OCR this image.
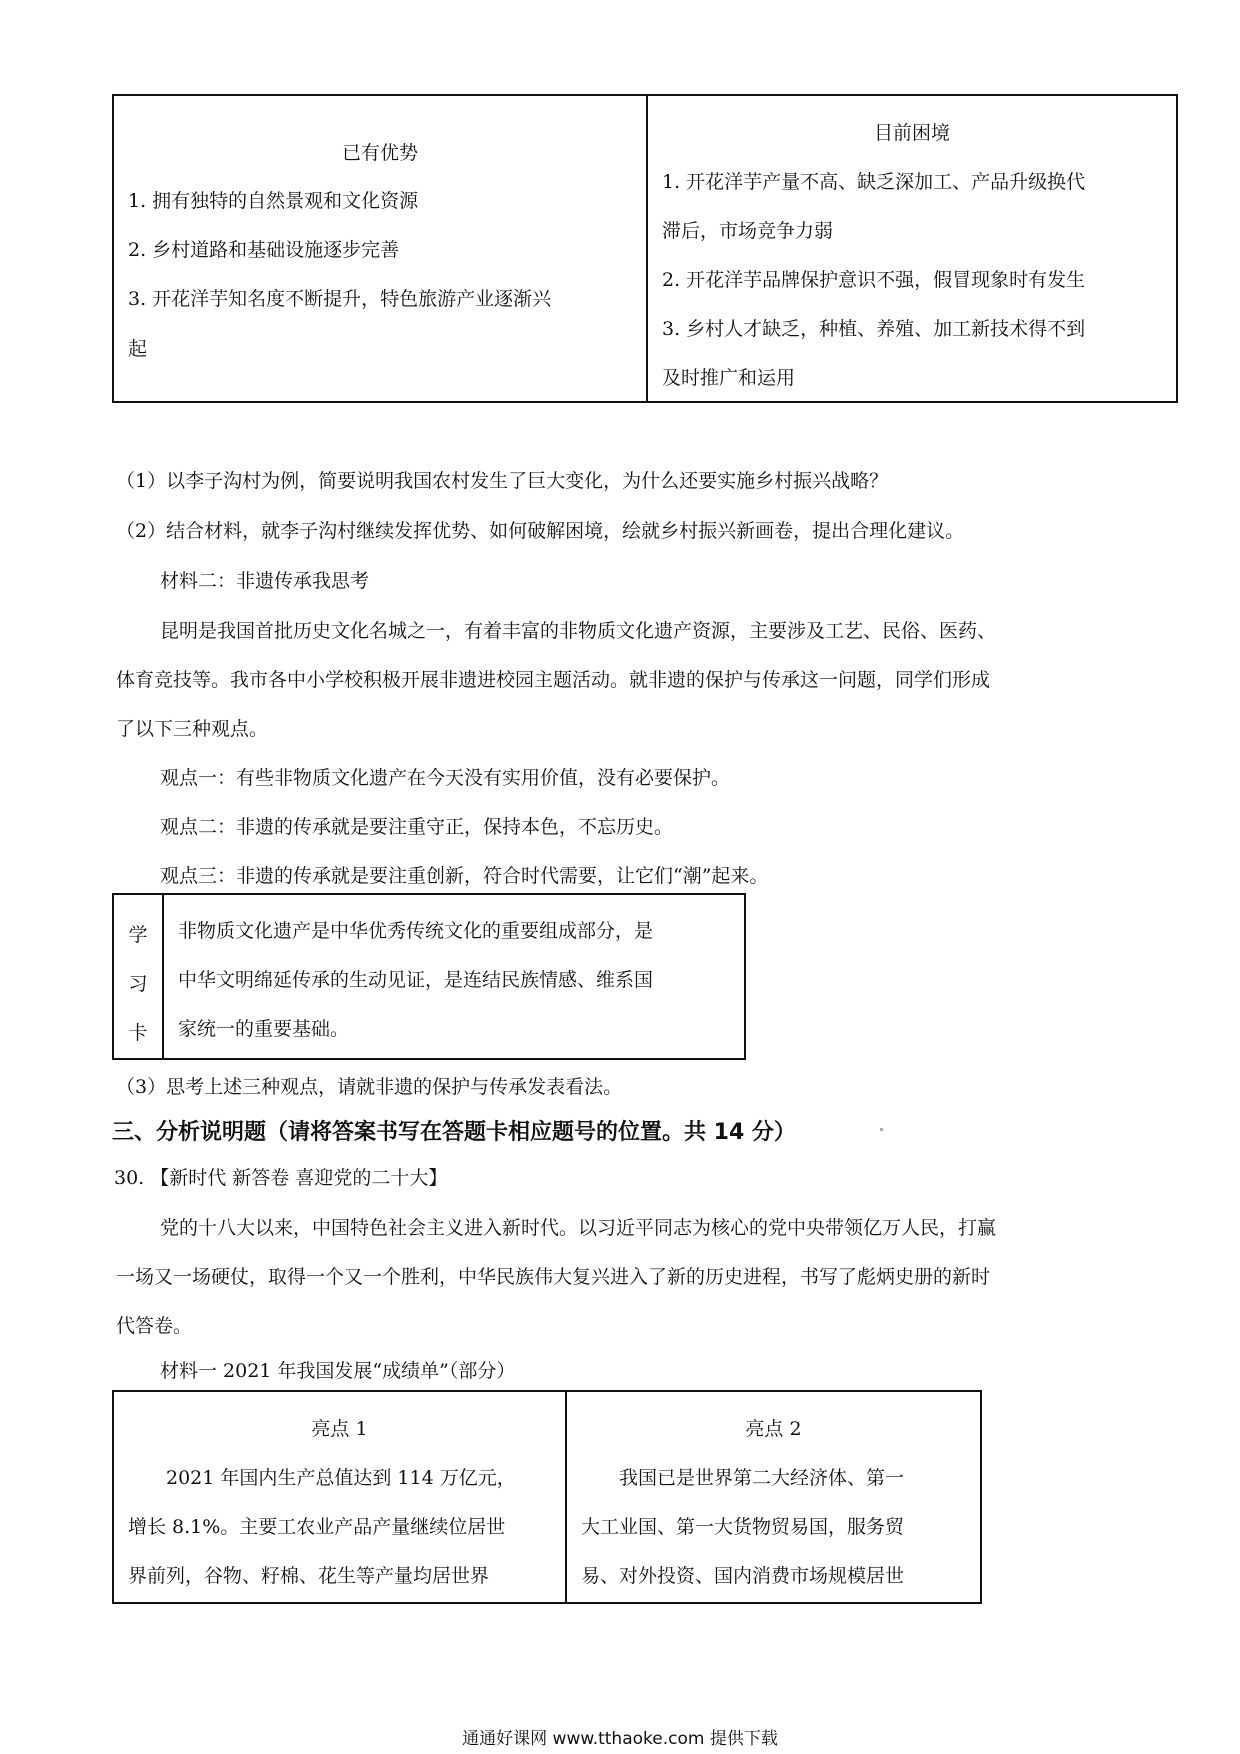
已有优势
1. 拥有独特的自然景观和文化资源
2. 乡村道路和基础设施逐步完善
3. 开花洋芋知名度不断提升，特色旅游产业逐渐兴
起
目前困境
1. 开花洋芋产量不高、缺乏深加工、产品升级换代
滞后，市场竞争力弱
2. 开花洋芋品牌保护意识不强，假冒现象时有发生
3. 乡村人才缺乏，种植、养殖、加工新技术得不到
及时推广和运用
（1）以李子沟村为例，简要说明我国农村发生了巨大变化，为什么还要实施乡村振兴战略？
（2）结合材料，就李子沟村继续发挥优势、如何破解困境，绘就乡村振兴新画卷，提出合理化建议。
材料二：非遗传承我思考
昆明是我国首批历史文化名城之一，有着丰富的非物质文化遗产资源，主要涉及工艺、民俗、医药、
体育竞技等。我市各中小学校积极开展非遗进校园主题活动。就非遗的保护与传承这一问题，同学们形成
了以下三种观点。
观点一：有些非物质文化遗产在今天没有实用价值，没有必要保护。
观点二：非遗的传承就是要注重守正，保持本色，不忘历史。
观点三：非遗的传承就是要注重创新，符合时代需要，让它们“潮”起来。
学
习
卡
非物质文化遗产是中华优秀传统文化的重要组成部分，是
中华文明绵延传承的生动见证，是连结民族情感、维系国
家统一的重要基础。
（3）思考上述三种观点，请就非遗的保护与传承发表看法。
三、分析说明题（请将答案书写在答题卡相应题号的位置。共 14 分）
30. 【新时代 新答卷 喜迎党的二十大】
党的十八大以来，中国特色社会主义进入新时代。以习近平同志为核心的党中央带领亿万人民，打赢
一场又一场硬仗，取得一个又一个胜利，中华民族伟大复兴进入了新的历史进程，书写了彪炳史册的新时
代答卷。
材料一 2021 年我国发展“成绩单”（部分）
亮点 1
2021 年国内生产总值达到 114 万亿元，
增长 8.1%。主要工农业产品产量继续位居世
界前列，谷物、籽棉、花生等产量均居世界
亮点 2
我国已是世界第二大经济体、第一
大工业国、第一大货物贸易国，服务贸
易、对外投资、国内消费市场规模居世
通通好课网 www.tthaoke.com 提供下载
